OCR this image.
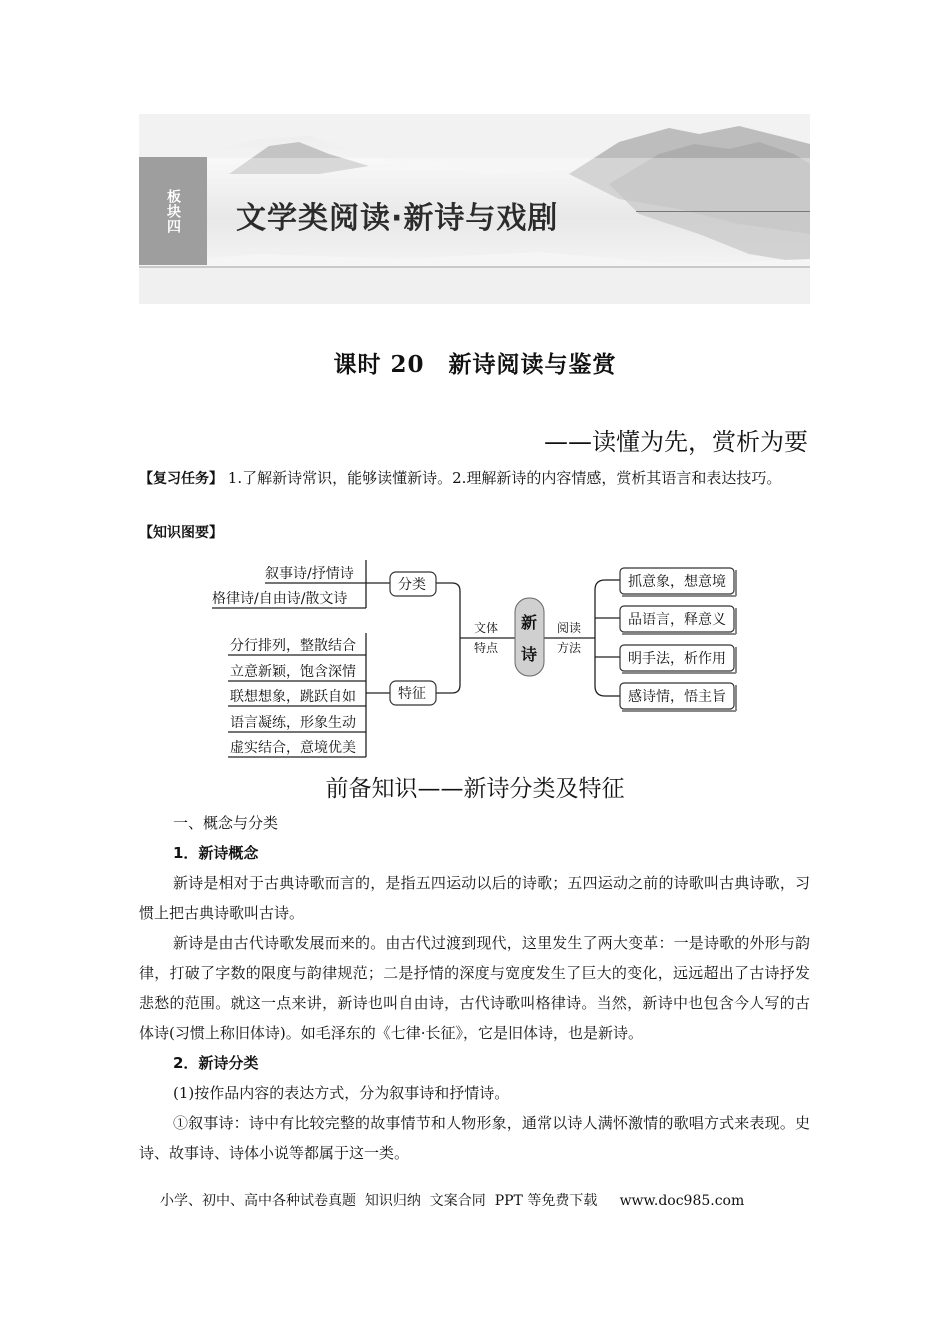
板块四 文学类阅读·新诗与戏剧
课时 20　新诗阅读与鉴赏
——读懂为先，赏析为要
【复习任务】 1.了解新诗常识，能够读懂新诗。2.理解新诗的内容情感，赏析其语言和表达技巧。
【知识图要】
叙事诗/抒情诗
格律诗/自由诗/散文诗
分类
分行排列，整散结合
立意新颖，饱含深情
联想想象，跳跃自如
语言凝练，形象生动
虚实结合，意境优美
特征
文体
特点
新
诗
阅读
方法
抓意象，想意境
品语言，释意义
明手法，析作用
感诗情，悟主旨
前备知识——新诗分类及特征

一、概念与分类

1．新诗概念

新诗是相对于古典诗歌而言的，是指五四运动以后的诗歌；五四运动之前的诗歌叫古典诗歌，习惯上把古典诗歌叫古诗。

新诗是由古代诗歌发展而来的。由古代过渡到现代，这里发生了两大变革：一是诗歌的外形与韵律，打破了字数的限度与韵律规范；二是抒情的深度与宽度发生了巨大的变化，远远超出了古诗抒发悲愁的范围。就这一点来讲，新诗也叫自由诗，古代诗歌叫格律诗。当然，新诗中也包含今人写的古体诗(习惯上称旧体诗)。如毛泽东的《七律·长征》，它是旧体诗，也是新诗。

2．新诗分类

(1)按作品内容的表达方式，分为叙事诗和抒情诗。

①叙事诗：诗中有比较完整的故事情节和人物形象，通常以诗人满怀激情的歌唱方式来表现。史诗、故事诗、诗体小说等都属于这一类。

小学、初中、高中各种试卷真题  知识归纳  文案合同  PPT 等免费下载     www.doc985.com
